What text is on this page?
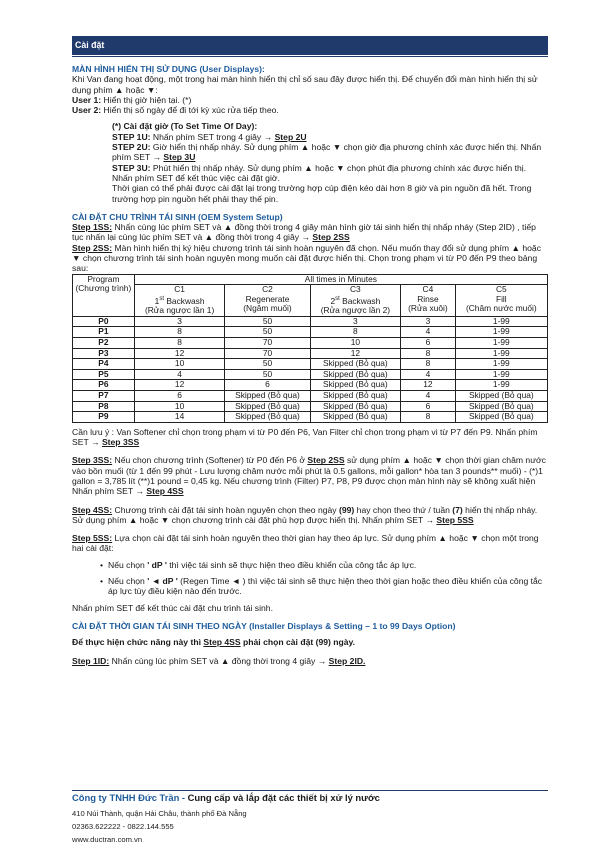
Cài đặt

MÀN HÌNH HIỂN THỊ SỬ DỤNG (User Displays):

Khi Van đang hoạt động, một trong hai màn hình hiển thị chỉ số sau đây được hiển thị. Để chuyển đổi màn hình hiển thị sử dụng phím ▲ hoặc ▼:

User 1: Hiển thị giờ hiện tại. (*)

User 2: Hiển thị số ngày để đi tới kỳ xúc rửa tiếp theo.

(*) Cài đặt giờ (To Set Time Of Day):

STEP 1U: Nhấn phím SET trong 4 giây → Step 2U

STEP 2U: Giờ hiển thị nhấp nháy. Sử dụng phím ▲ hoặc ▼ chọn giờ địa phương chính xác được hiển thị. Nhấn phím SET → Step 3U

STEP 3U: Phút hiển thị nhấp nháy. Sử dụng phím ▲ hoặc ▼ chọn phút địa phương chính xác được hiển thị. Nhấn phím SET để kết thúc việc cài đặt giờ.

Thời gian có thể phải được cài đặt lại trong trường hợp cúp điện kéo dài hơn 8 giờ và pin nguồn đã hết. Trong trường hợp pin nguồn hết phải thay thế pin.

CÀI ĐẶT CHU TRÌNH TÁI SINH (OEM System Setup)

Step 1SS: Nhấn cùng lúc phím SET và ▲ đồng thời trong 4 giây màn hình giờ tái sinh hiển thị nhấp nháy (Step 2ID) , tiếp tục nhấn lại cùng lúc phím SET và ▲ đồng thời trong 4 giây → Step 2SS

Step 2SS: Màn hình hiển thị ký hiệu chương trình tái sinh hoàn nguyên đã chọn. Nếu muốn thay đổi sử dụng phím ▲ hoặc ▼ chọn chương trình tái sinh hoàn nguyên mong muốn cài đặt được hiển thị. Chọn trong phạm vi từ P0 đến P9 theo bảng sau:

Program
(Chương trình)	All times in Minutes				
	C1
1st Backwash
(Rửa ngược lần 1)	C2
Regenerate
(Ngâm muối)	C3
2st Backwash
(Rửa ngược lần 2)	C4
Rinse
(Rửa xuôi)	C5
Fill
(Châm nước muối)
P0	3	50	3	3	1-99
P1	8	50	8	4	1-99
P2	8	70	10	6	1-99
P3	12	70	12	8	1-99
P4	10	50	Skipped (Bỏ qua)	8	1-99
P5	4	50	Skipped (Bỏ qua)	4	1-99
P6	12	6	Skipped (Bỏ qua)	12	1-99
P7	6	Skipped (Bỏ qua)	Skipped (Bỏ qua)	4	Skipped (Bỏ qua)
P8	10	Skipped (Bỏ qua)	Skipped (Bỏ qua)	6	Skipped (Bỏ qua)
P9	14	Skipped (Bỏ qua)	Skipped (Bỏ qua)	8	Skipped (Bỏ qua)

Cần lưu ý : Van Softener chỉ chọn trong phạm vi từ P0 đến P6, Van Filter chỉ chọn trong phạm vi từ P7 đến P9. Nhấn phím SET → Step 3SS

Step 3SS: Nếu chọn chương trình (Softener) từ P0 đến P6 ở Step 2SS sử dụng phím ▲ hoặc ▼ chọn thời gian châm nước vào bồn muối (từ 1 đến 99 phút - Lưu lượng châm nước mỗi phút là 0.5 gallons, mỗi gallon* hòa tan 3 pounds** muối) - (*)1 gallon = 3,785 lít (**)1 pound = 0,45 kg. Nếu chương trình (Filter) P7, P8, P9 được chọn màn hình này sẽ không xuất hiện Nhấn phím SET → Step 4SS

Step 4SS: Chương trình cài đặt tái sinh hoàn nguyên chọn theo ngày (99) hay chọn theo thứ / tuần (7) hiển thị nhấp nháy. Sử dụng phím ▲ hoặc ▼ chọn chương trình cài đặt phù hợp được hiển thị. Nhấn phím SET → Step 5SS

Step 5SS: Lựa chọn cài đặt tái sinh hoàn nguyên theo thời gian hay theo áp lực. Sử dụng phím ▲ hoặc ▼ chọn một trong hai cài đặt:

• Nếu chọn ' dP ' thì việc tái sinh sẽ thực hiện theo điều khiển của công tắc áp lực.

• Nếu chọn ' ◄ dP ' (Regen Time ◄ ) thì việc tái sinh sẽ thực hiện theo thời gian hoặc theo điều khiển của công tắc áp lực tùy điều kiện nào đến trước.

Nhấn phím SET để kết thúc cài đặt chu trình tái sinh.

CÀI ĐẶT THỜI GIAN TÁI SINH THEO NGÀY (Installer Displays & Setting – 1 to 99 Days Option)

Để thực hiện chức năng này thì Step 4SS phải chọn cài đặt (99) ngày.

Step 1ID: Nhấn cùng lúc phím SET và ▲ đồng thời trong 4 giây → Step 2ID.

Công ty TNHH Đức Trần - Cung cấp và lắp đặt các thiết bị xử lý nước
410 Núi Thành, quận Hải Châu, thành phố Đà Nẵng
02363.622222 - 0822.144.555
www.ductran.com.vn
